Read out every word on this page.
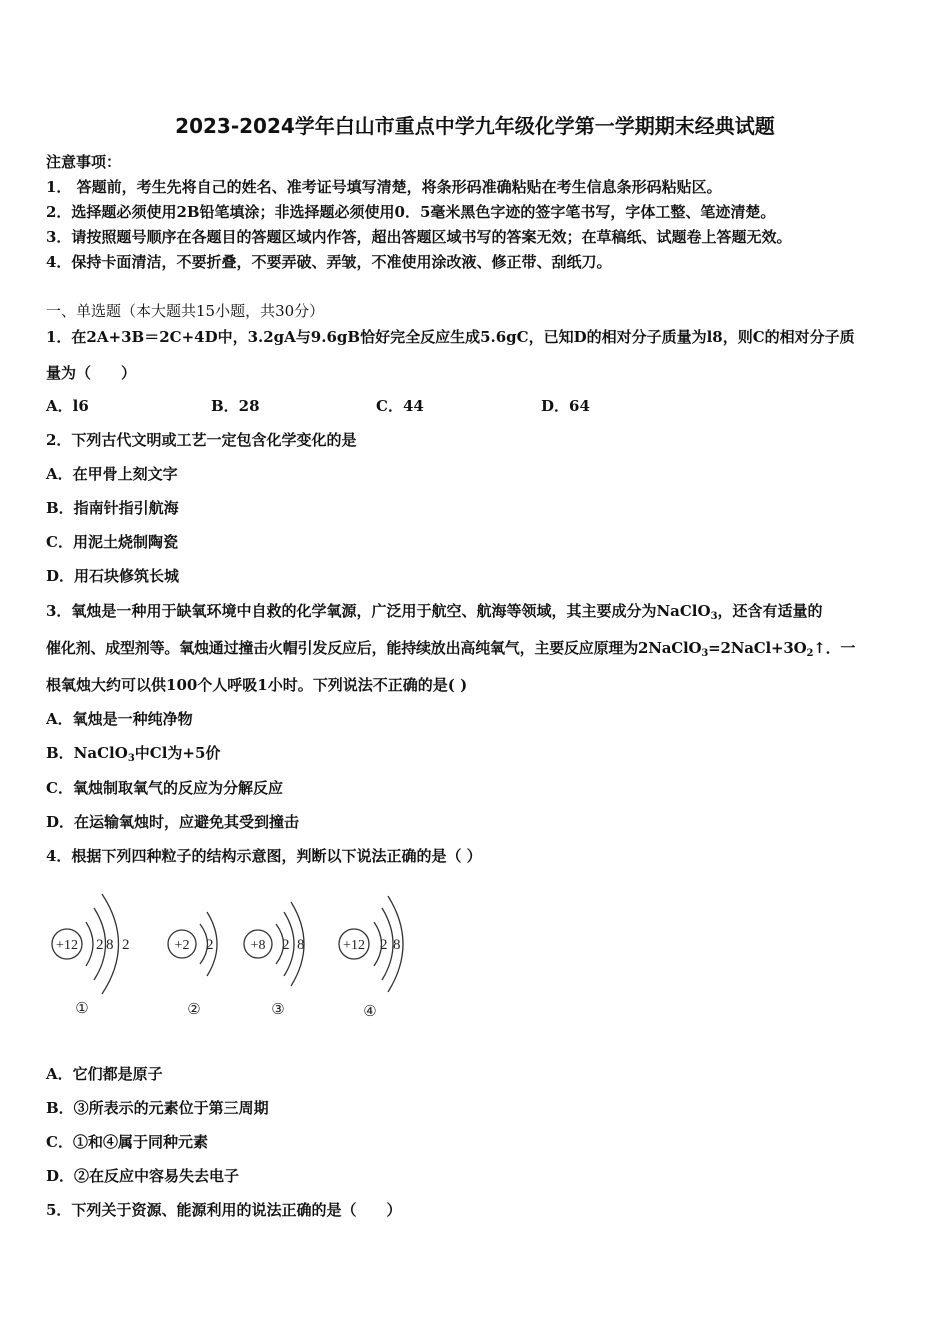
2023-2024学年白山市重点中学九年级化学第一学期期末经典试题
注意事项：
1． 答题前，考生先将自己的姓名、准考证号填写清楚，将条形码准确粘贴在考生信息条形码粘贴区。
2．选择题必须使用2B铅笔填涂；非选择题必须使用0．5毫米黑色字迹的签字笔书写，字体工整、笔迹清楚。
3．请按照题号顺序在各题目的答题区域内作答，超出答题区域书写的答案无效；在草稿纸、试题卷上答题无效。
4．保持卡面清洁，不要折叠，不要弄破、弄皱，不准使用涂改液、修正带、刮纸刀。
一、单选题（本大题共15小题，共30分）
1．在2A+3B＝2C+4D中，3.2gA与9.6gB恰好完全反应生成5.6gC，已知D的相对分子质量为l8，则C的相对分子质
量为（　　）
A．l6	B．28	C．44	D．64
2．下列古代文明或工艺一定包含化学变化的是
A．在甲骨上刻文字
B．指南针指引航海
C．用泥土烧制陶瓷
D．用石块修筑长城
3．氧烛是一种用于缺氧环境中自救的化学氧源，广泛用于航空、航海等领域，其主要成分为NaClO$_3$，还含有适量的
催化剂、成型剂等。氧烛通过撞击火帽引发反应后，能持续放出高纯氧气，主要反应原理为$2NaClO_3=2NaCl+3O_2↑$．一
根氧烛大约可以供100个人呼吸1小时。下列说法不正确的是( )
A．氧烛是一种纯净物
B．NaClO$_3$中Cl为+5价
C．氧烛制取氧气的反应为分解反应
D．在运输氧烛时，应避免其受到撞击
4．根据下列四种粒子的结构示意图，判断以下说法正确的是（ ）
+12 2 8 2
①
+2 2
②
+8 2 8
③
+12 2 8
④
A．它们都是原子
B．③所表示的元素位于第三周期
C．①和④属于同种元素
D．②在反应中容易失去电子
5．下列关于资源、能源利用的说法正确的是（　　）
